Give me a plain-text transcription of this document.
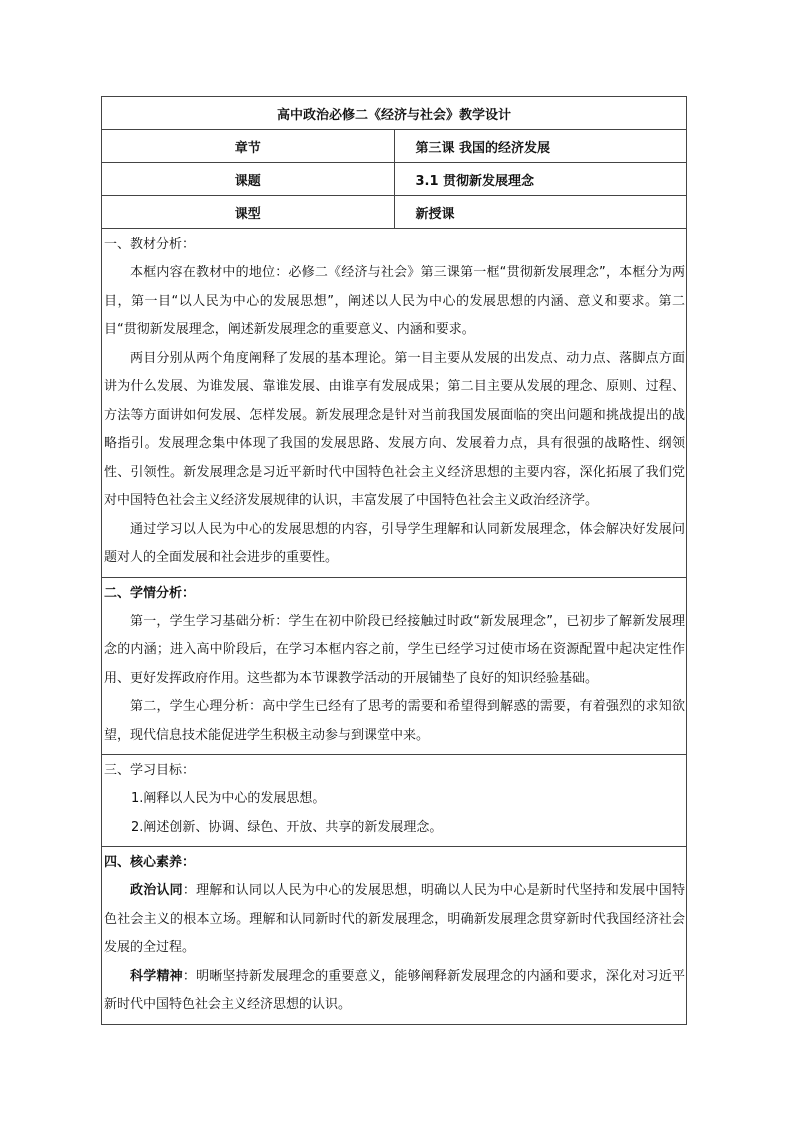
高中政治必修二《经济与社会》教学设计	
章节	第三课 我国的经济发展
课题	3.1 贯彻新发展理念
课型	新授课

一、教材分析：

本框内容在教材中的地位：必修二《经济与社会》第三课第一框“贯彻新发展理念”，本框分为两目，第一目“以人民为中心的发展思想”，阐述以人民为中心的发展思想的内涵、意义和要求。第二目“贯彻新发展理念，阐述新发展理念的重要意义、内涵和要求。

两目分别从两个角度阐释了发展的基本理论。第一目主要从发展的出发点、动力点、落脚点方面讲为什么发展、为谁发展、靠谁发展、由谁享有发展成果；第二目主要从发展的理念、原则、过程、方法等方面讲如何发展、怎样发展。新发展理念是针对当前我国发展面临的突出问题和挑战提出的战略指引。发展理念集中体现了我国的发展思路、发展方向、发展着力点，具有很强的战略性、纲领性、引领性。新发展理念是习近平新时代中国特色社会主义经济思想的主要内容，深化拓展了我们党对中国特色社会主义经济发展规律的认识，丰富发展了中国特色社会主义政治经济学。

通过学习以人民为中心的发展思想的内容，引导学生理解和认同新发展理念，体会解决好发展问题对人的全面发展和社会进步的重要性。	

二、学情分析：

第一，学生学习基础分析：学生在初中阶段已经接触过时政“新发展理念”，已初步了解新发展理念的内涵；进入高中阶段后，在学习本框内容之前，学生已经学习过使市场在资源配置中起决定性作用、更好发挥政府作用。这些都为本节课教学活动的开展铺垫了良好的知识经验基础。

第二，学生心理分析：高中学生已经有了思考的需要和希望得到解惑的需要，有着强烈的求知欲望，现代信息技术能促进学生积极主动参与到课堂中来。	

三、学习目标：

1.阐释以人民为中心的发展思想。

2.阐述创新、协调、绿色、开放、共享的新发展理念。	

四、核心素养：

政治认同：理解和认同以人民为中心的发展思想，明确以人民为中心是新时代坚持和发展中国特色社会主义的根本立场。理解和认同新时代的新发展理念，明确新发展理念贯穿新时代我国经济社会发展的全过程。

科学精神：明晰坚持新发展理念的重要意义，能够阐释新发展理念的内涵和要求，深化对习近平新时代中国特色社会主义经济思想的认识。	
